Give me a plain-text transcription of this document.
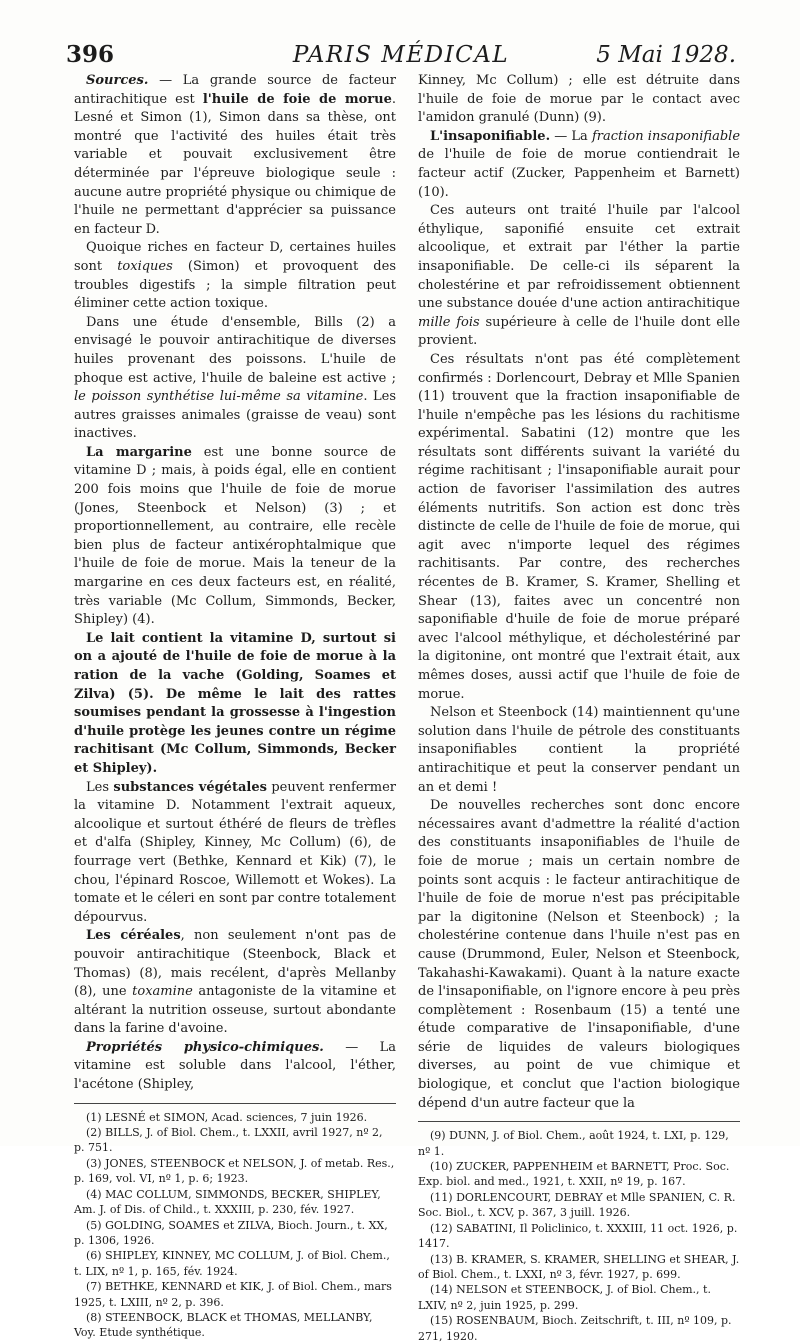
PARIS MÉDICAL
396	5 Mai 1928.

Sources. — La grande source de facteur antirachitique est l'huile de foie de morue. Lesné et Simon (1), Simon dans sa thèse, ont montré que l'activité des huiles était très variable et pouvait exclusivement être déterminée par l'épreuve biologique seule : aucune autre propriété physique ou chimique de l'huile ne permettant d'apprécier sa puissance en facteur D.

Quoique riches en facteur D, certaines huiles sont toxiques (Simon) et provoquent des troubles digestifs ; la simple filtration peut éliminer cette action toxique.

Dans une étude d'ensemble, Bills (2) a envisagé le pouvoir antirachitique de diverses huiles provenant des poissons. L'huile de phoque est active, l'huile de baleine est active ; le poisson synthétise lui-même sa vitamine. Les autres graisses animales (graisse de veau) sont inactives.

La margarine est une bonne source de vitamine D ; mais, à poids égal, elle en contient 200 fois moins que l'huile de foie de morue (Jones, Steenbock et Nelson) (3) ; et proportionnellement, au contraire, elle recèle bien plus de facteur antixérophtalmique que l'huile de foie de morue. Mais la teneur de la margarine en ces deux facteurs est, en réalité, très variable (Mc Collum, Simmonds, Becker, Shipley) (4).

Le lait contient la vitamine D, surtout si on a ajouté de l'huile de foie de morue à la ration de la vache (Golding, Soames et Zilva) (5). De même le lait des rattes soumises pendant la grossesse à l'ingestion d'huile protège les jeunes contre un régime rachitisant (Mc Collum, Simmonds, Becker et Shipley).

Les substances végétales peuvent renfermer la vitamine D. Notamment l'extrait aqueux, alcoolique et surtout éthéré de fleurs de trèfles et d'alfa (Shipley, Kinney, Mc Collum) (6), de fourrage vert (Bethke, Kennard et Kik) (7), le chou, l'épinard Roscoe, Willemott et Wokes). La tomate et le céleri en sont par contre totalement dépourvus.

Les céréales, non seulement n'ont pas de pouvoir antirachitique (Steenbock, Black et Thomas) (8), mais recélent, d'après Mellanby (8), une toxamine antagoniste de la vitamine et altérant la nutrition osseuse, surtout abondante dans la farine d'avoine.

Propriétés physico-chimiques. — La vitamine est soluble dans l'alcool, l'éther, l'acétone (Shipley,

(1) LESNÉ et SIMON, Acad. sciences, 7 juin 1926.
(2) BILLS, J. of Biol. Chem., t. LXXII, avril 1927, nº 2, p. 751.
(3) JONES, STEENBOCK et NELSON, J. of metab. Res., p. 169, vol. VI, nº 1, p. 6; 1923.
(4) MAC COLLUM, SIMMONDS, BECKER, SHIPLEY, Am. J. of Dis. of Child., t. XXXIII, p. 230, fév. 1927.
(5) GOLDING, SOAMES et ZILVA, Bioch. Journ., t. XX, p. 1306, 1926.
(6) SHIPLEY, KINNEY, MC COLLUM, J. of Biol. Chem., t. LIX, nº 1, p. 165, fév. 1924.
(7) BETHKE, KENNARD et KIK, J. of Biol. Chem., mars 1925, t. LXIII, nº 2, p. 396.
(8) STEENBOCK, BLACK et THOMAS, MELLANBY, Voy. Etude synthétique.

Kinney, Mc Collum) ; elle est détruite dans l'huile de foie de morue par le contact avec l'amidon granulé (Dunn) (9).

L'insaponifiable. — La fraction insaponifiable de l'huile de foie de morue contiendrait le facteur actif (Zucker, Pappenheim et Barnett) (10).

Ces auteurs ont traité l'huile par l'alcool éthylique, saponifié ensuite cet extrait alcoolique, et extrait par l'éther la partie insaponifiable. De celle-ci ils séparent la cholestérine et par refroidissement obtiennent une substance douée d'une action antirachitique mille fois supérieure à celle de l'huile dont elle provient.

Ces résultats n'ont pas été complètement confirmés : Dorlencourt, Debray et Mlle Spanien (11) trouvent que la fraction insaponifiable de l'huile n'empêche pas les lésions du rachitisme expérimental. Sabatini (12) montre que les résultats sont différents suivant la variété du régime rachitisant ; l'insaponifiable aurait pour action de favoriser l'assimilation des autres éléments nutritifs. Son action est donc très distincte de celle de l'huile de foie de morue, qui agit avec n'importe lequel des régimes rachitisants. Par contre, des recherches récentes de B. Kramer, S. Kramer, Shelling et Shear (13), faites avec un concentré non saponifiable d'huile de foie de morue préparé avec l'alcool méthylique, et décholestériné par la digitonine, ont montré que l'extrait était, aux mêmes doses, aussi actif que l'huile de foie de morue.

Nelson et Steenbock (14) maintiennent qu'une solution dans l'huile de pétrole des constituants insaponifiables contient la propriété antirachitique et peut la conserver pendant un an et demi !

De nouvelles recherches sont donc encore nécessaires avant d'admettre la réalité d'action des constituants insaponifiables de l'huile de foie de morue ; mais un certain nombre de points sont acquis : le facteur antirachitique de l'huile de foie de morue n'est pas précipitable par la digitonine (Nelson et Steenbock) ; la cholestérine contenue dans l'huile n'est pas en cause (Drummond, Euler, Nelson et Steenbock, Takahashi-Kawakami). Quant à la nature exacte de l'insaponifiable, on l'ignore encore à peu près complètement : Rosenbaum (15) a tenté une étude comparative de l'insaponifiable, d'une série de liquides de valeurs biologiques diverses, au point de vue chimique et biologique, et conclut que l'action biologique dépend d'un autre facteur que la

(9) DUNN, J. of Biol. Chem., août 1924, t. LXI, p. 129, nº 1.
(10) ZUCKER, PAPPENHEIM et BARNETT, Proc. Soc. Exp. biol. and med., 1921, t. XXII, nº 19, p. 167.
(11) DORLENCOURT, DEBRAY et Mlle SPANIEN, C. R. Soc. Biol., t. XCV, p. 367, 3 juill. 1926.
(12) SABATINI, Il Policlinico, t. XXXIII, 11 oct. 1926, p. 1417.
(13) B. KRAMER, S. KRAMER, SHELLING et SHEAR, J. of Biol. Chem., t. LXXI, nº 3, févr. 1927, p. 699.
(14) NELSON et STEENBOCK, J. of Biol. Chem., t. LXIV, nº 2, juin 1925, p. 299.
(15) ROSENBAUM, Bioch. Zeitschrift, t. III, nº 109, p. 271, 1920.
